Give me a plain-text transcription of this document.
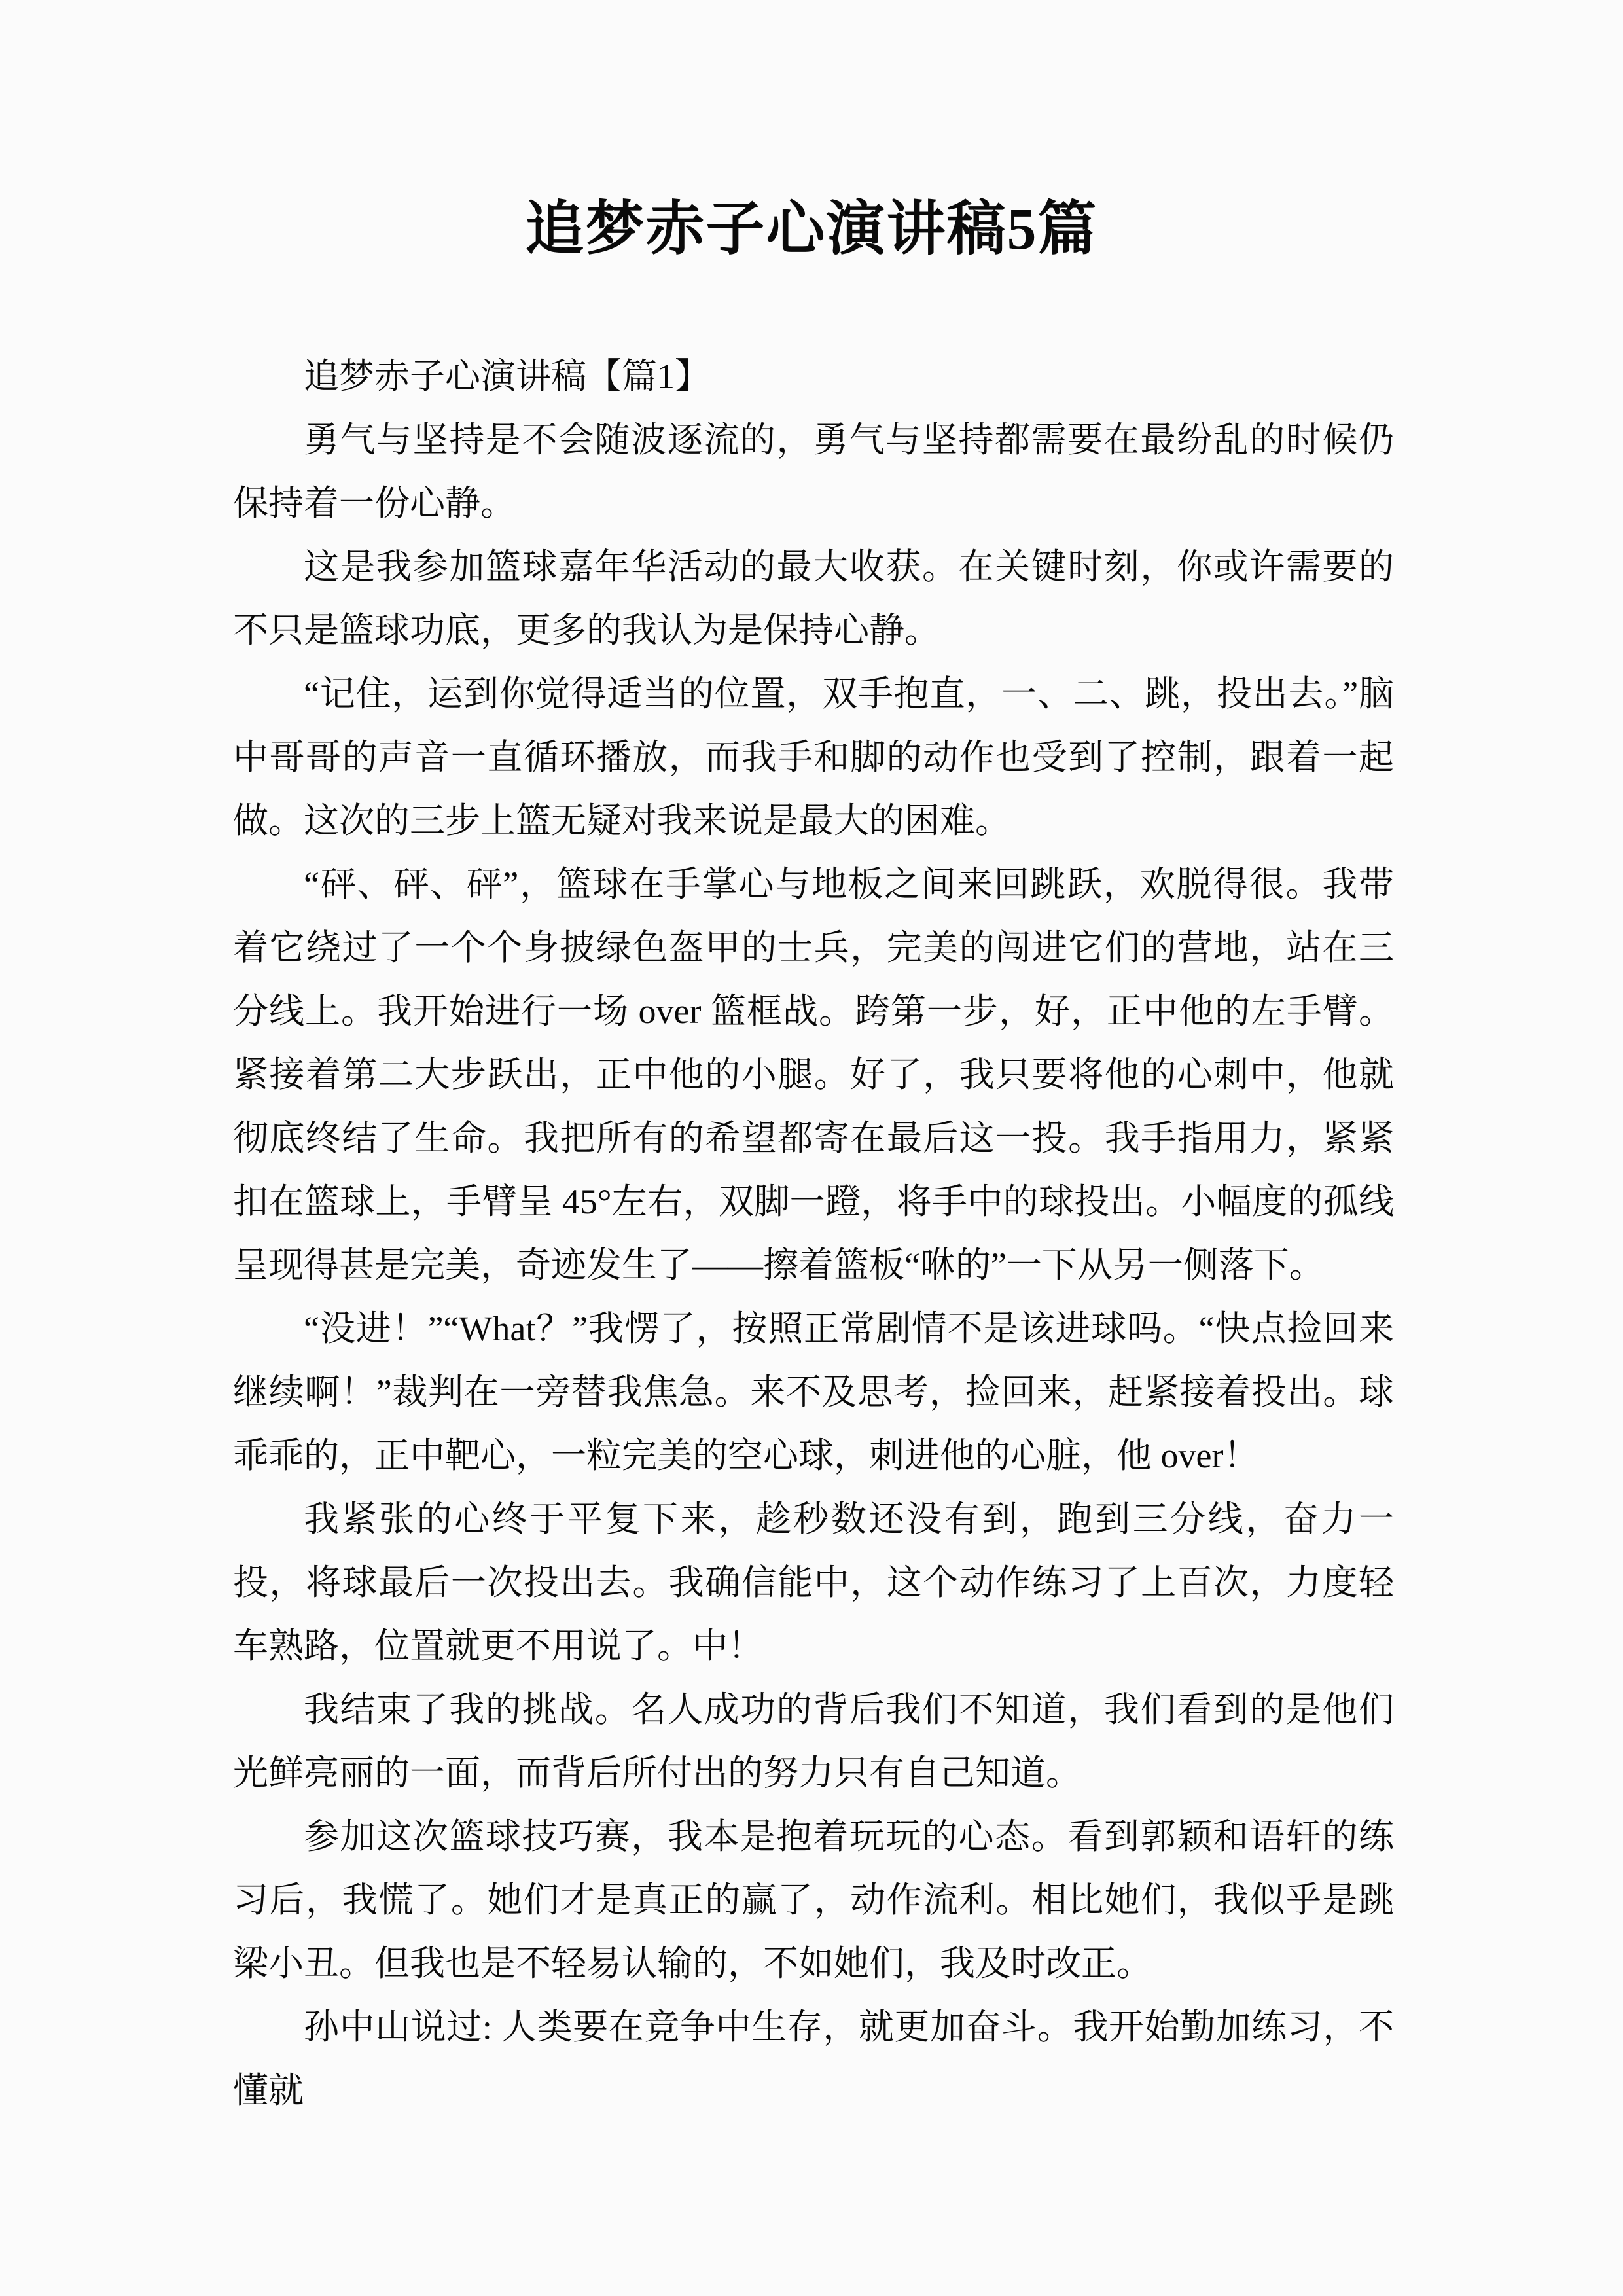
追梦赤子心演讲稿5篇

追梦赤子心演讲稿【篇1】

勇气与坚持是不会随波逐流的，勇气与坚持都需要在最纷乱的时候仍保持着一份心静。

这是我参加篮球嘉年华活动的最大收获。在关键时刻，你或许需要的不只是篮球功底，更多的我认为是保持心静。

“记住，运到你觉得适当的位置，双手抱直，一、二、跳，投出去。”脑中哥哥的声音一直循环播放，而我手和脚的动作也受到了控制，跟着一起做。这次的三步上篮无疑对我来说是最大的困难。

“砰、砰、砰”，篮球在手掌心与地板之间来回跳跃，欢脱得很。我带着它绕过了一个个身披绿色盔甲的士兵，完美的闯进它们的营地，站在三分线上。我开始进行一场 over 篮框战。跨第一步，好，正中他的左手臂。紧接着第二大步跃出，正中他的小腿。好了，我只要将他的心刺中，他就彻底终结了生命。我把所有的希望都寄在最后这一投。我手指用力，紧紧扣在篮球上，手臂呈 45°左右，双脚一蹬，将手中的球投出。小幅度的孤线呈现得甚是完美，奇迹发生了——擦着篮板“咻的”一下从另一侧落下。

“没进！”“What？”我愣了，按照正常剧情不是该进球吗。“快点捡回来继续啊！”裁判在一旁替我焦急。来不及思考，捡回来，赶紧接着投出。球乖乖的，正中靶心，一粒完美的空心球，刺进他的心脏，他 over！

我紧张的心终于平复下来，趁秒数还没有到，跑到三分线，奋力一投，将球最后一次投出去。我确信能中，这个动作练习了上百次，力度轻车熟路，位置就更不用说了。中！

我结束了我的挑战。名人成功的背后我们不知道，我们看到的是他们光鲜亮丽的一面，而背后所付出的努力只有自己知道。

参加这次篮球技巧赛，我本是抱着玩玩的心态。看到郭颖和语轩的练习后，我慌了。她们才是真正的赢了，动作流利。相比她们，我似乎是跳梁小丑。但我也是不轻易认输的，不如她们，我及时改正。

孙中山说过: 人类要在竞争中生存，就更加奋斗。我开始勤加练习，不懂就
